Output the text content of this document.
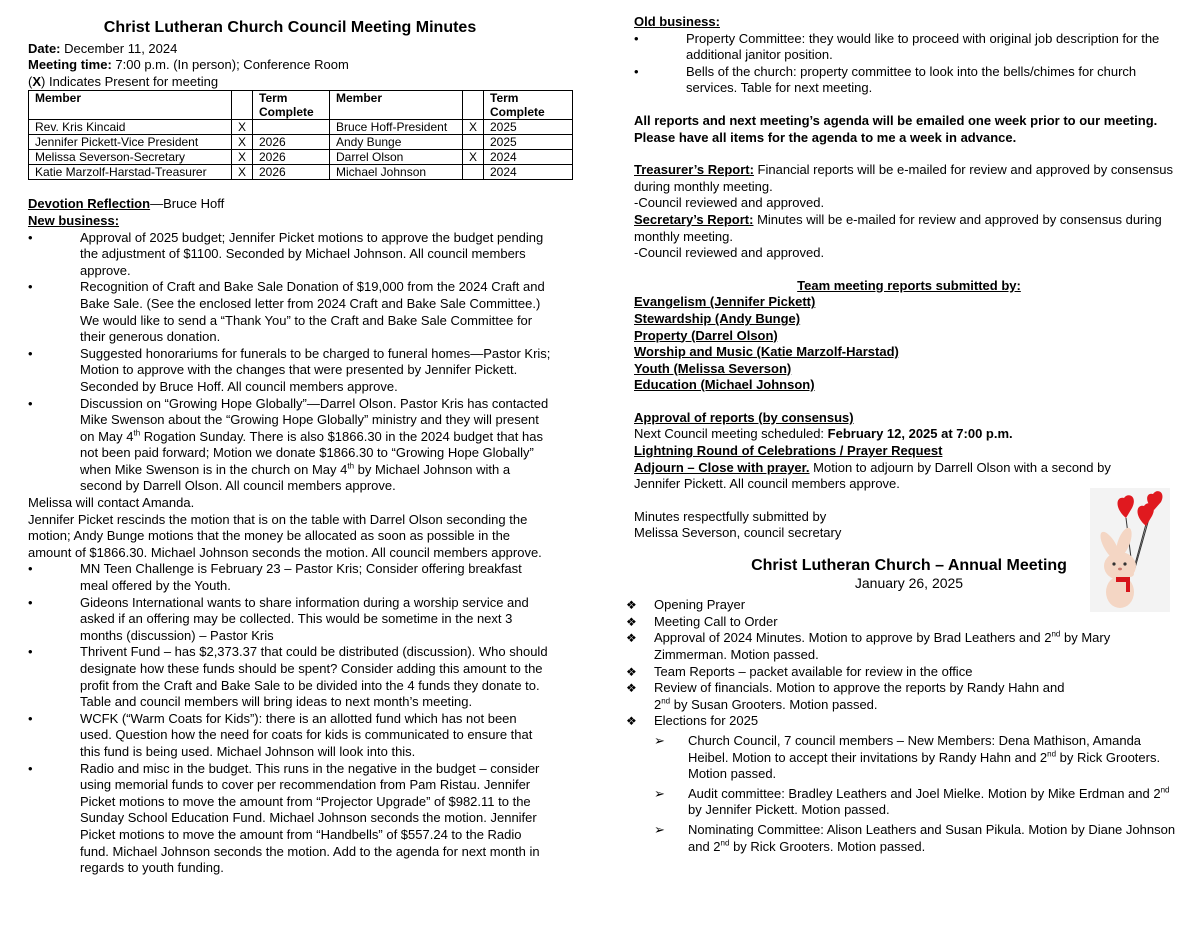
Christ Lutheran Church Council Meeting Minutes
Date: December 11, 2024
Meeting time: 7:00 p.m. (In person); Conference Room
(X) Indicates Present for meeting
Member		Term Complete	Member		Term Complete
Rev. Kris Kincaid	X		Bruce Hoff-President	X	2025
Jennifer Pickett-Vice President	X	2026	Andy Bunge		2025
Melissa Severson-Secretary	X	2026	Darrel Olson	X	2024
Katie Marzolf-Harstad-Treasurer	X	2026	Michael Johnson		2024
Devotion Reflection—Bruce Hoff
New business:
•	Approval of 2025 budget; Jennifer Picket motions to approve the budget pending the adjustment of $1100. Seconded by Michael Johnson. All council members approve.
•	Recognition of Craft and Bake Sale Donation of $19,000 from the 2024 Craft and Bake Sale. (See the enclosed letter from 2024 Craft and Bake Sale Committee.) We would like to send a “Thank You” to the Craft and Bake Sale Committee for their generous donation.
•	Suggested honorariums for funerals to be charged to funeral homes—Pastor Kris; Motion to approve with the changes that were presented by Jennifer Pickett. Seconded by Bruce Hoff. All council members approve.
•	Discussion on “Growing Hope Globally”—Darrel Olson. Pastor Kris has contacted Mike Swenson about the “Growing Hope Globally” ministry and they will present on May 4th Rogation Sunday. There is also $1866.30 in the 2024 budget that has not been paid forward; Motion we donate $1866.30 to “Growing Hope Globally” when Mike Swenson is in the church on May 4th by Michael Johnson with a second by Darrell Olson. All council members approve.

Melissa will contact Amanda.

Jennifer Picket rescinds the motion that is on the table with Darrel Olson seconding the motion; Andy Bunge motions that the money be allocated as soon as possible in the amount of $1866.30. Michael Johnson seconds the motion. All council members approve.

•	MN Teen Challenge is February 23 – Pastor Kris; Consider offering breakfast meal offered by the Youth.
•	Gideons International wants to share information during a worship service and asked if an offering may be collected. This would be sometime in the next 3 months (discussion) – Pastor Kris
•	Thrivent Fund – has $2,373.37 that could be distributed (discussion). Who should designate how these funds should be spent? Consider adding this amount to the profit from the Craft and Bake Sale to be divided into the 4 funds they donate to. Table and council members will bring ideas to next month’s meeting.
•	WCFK (“Warm Coats for Kids”): there is an allotted fund which has not been used. Question how the need for coats for kids is communicated to ensure that this fund is being used. Michael Johnson will look into this.
•	Radio and misc in the budget. This runs in the negative in the budget – consider using memorial funds to cover per recommendation from Pam Ristau. Jennifer Picket motions to move the amount from “Projector Upgrade” of $982.11 to the Sunday School Education Fund. Michael Johnson seconds the motion. Jennifer Picket motions to move the amount from “Handbells” of $557.24 to the Radio fund. Michael Johnson seconds the motion. Add to the agenda for next month in regards to youth funding.
Old business:
•	Property Committee: they would like to proceed with original job description for the additional janitor position.
•	Bells of the church: property committee to look into the bells/chimes for church services. Table for next meeting.

All reports and next meeting’s agenda will be emailed one week prior to our meeting. Please have all items for the agenda to me a week in advance.

Treasurer’s Report: Financial reports will be e-mailed for review and approved by consensus during monthly meeting.

-Council reviewed and approved.

Secretary’s Report: Minutes will be e-mailed for review and approved by consensus during monthly meeting.

-Council reviewed and approved.

Team meeting reports submitted by:
Evangelism (Jennifer Pickett)
Stewardship (Andy Bunge)
Property (Darrel Olson)
Worship and Music (Katie Marzolf-Harstad)
Youth (Melissa Severson)
Education (Michael Johnson)
Approval of reports (by consensus)
Next Council meeting scheduled: February 12, 2025 at 7:00 p.m.
Lightning Round of Celebrations / Prayer Request

Adjourn – Close with prayer. Motion to adjourn by Darrell Olson with a second by Jennifer Pickett. All council members approve.

Minutes respectfully submitted by
Melissa Severson, council secretary
Christ Lutheran Church – Annual Meeting
January 26, 2025
❖	Opening Prayer
❖	Meeting Call to Order
❖	Approval of 2024 Minutes. Motion to approve by Brad Leathers and 2nd by Mary Zimmerman. Motion passed.
❖	Team Reports – packet available for review in the office
❖	Review of financials. Motion to approve the reports by Randy Hahn and 2nd by Susan Grooters. Motion passed.
❖	Elections for 2025
➢	Church Council, 7 council members – New Members: Dena Mathison, Amanda Heibel. Motion to accept their invitations by Randy Hahn and 2nd by Rick Grooters. Motion passed.
➢	Audit committee: Bradley Leathers and Joel Mielke. Motion by Mike Erdman and 2nd by Jennifer Pickett. Motion passed.
➢	Nominating Committee: Alison Leathers and Susan Pikula. Motion by Diane Johnson and 2nd by Rick Grooters. Motion passed.
